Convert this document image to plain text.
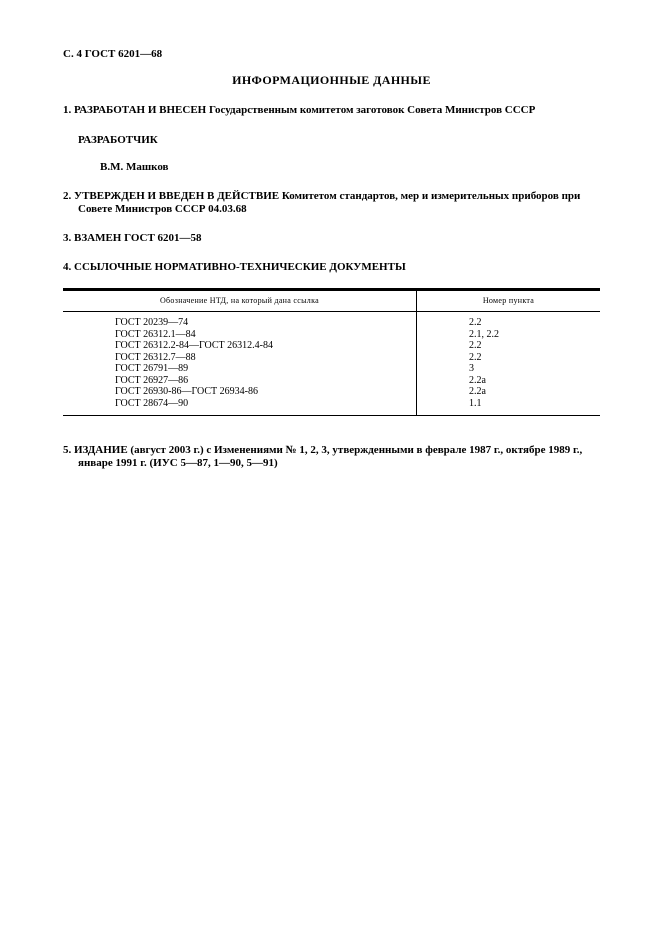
С. 4 ГОСТ 6201—68
ИНФОРМАЦИОННЫЕ ДАННЫЕ

1. РАЗРАБОТАН И ВНЕСЕН Государственным комитетом заготовок Совета Министров СССР

РАЗРАБОТЧИК

В.М. Машков

2. УТВЕРЖДЕН И ВВЕДЕН В ДЕЙСТВИЕ Комитетом стандартов, мер и измерительных приборов при Совете Министров СССР 04.03.68

3. ВЗАМЕН ГОСТ 6201—58

4. ССЫЛОЧНЫЕ НОРМАТИВНО-ТЕХНИЧЕСКИЕ ДОКУМЕНТЫ

Обозначение НТД, на который дана ссылка	Номер пункта
ГОСТ 20239—74	2.2
ГОСТ 26312.1—84	2.1, 2.2
ГОСТ 26312.2-84—ГОСТ 26312.4-84	2.2
ГОСТ 26312.7—88	2.2
ГОСТ 26791—89	3
ГОСТ 26927—86	2.2а
ГОСТ 26930-86—ГОСТ 26934-86	2.2а
ГОСТ 28674—90	1.1

5. ИЗДАНИЕ (август 2003 г.) с Изменениями № 1, 2, 3, утвержденными в феврале 1987 г., октябре 1989 г., январе 1991 г. (ИУС 5—87, 1—90, 5—91)
